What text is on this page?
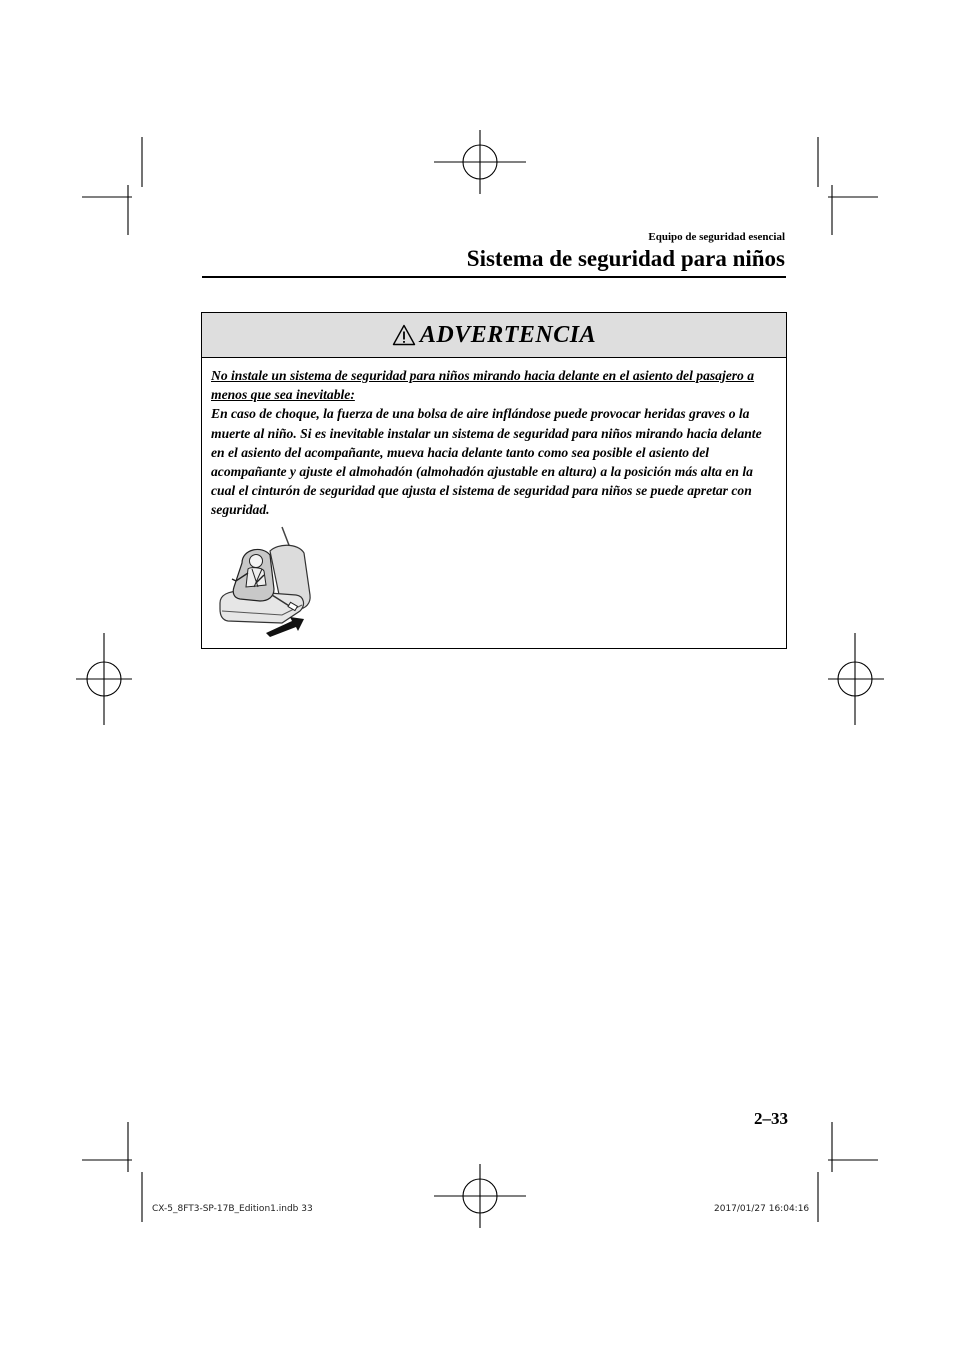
Equipo de seguridad esencial
Sistema de seguridad para niños
ADVERTENCIA
No instale un sistema de seguridad para niños mirando hacia delante en el asiento del pasajero a menos que sea inevitable:
En caso de choque, la fuerza de una bolsa de aire inflándose puede provocar heridas graves o la muerte al niño. Si es inevitable instalar un sistema de seguridad para niños mirando hacia delante en el asiento del acompañante, mueva hacia delante tanto como sea posible el asiento del acompañante y ajuste el almohadón (almohadón ajustable en altura) a la posición más alta en la cual el cinturón de seguridad que ajusta el sistema de seguridad para niños se puede apretar con seguridad.
2–33
CX-5_8FT3-SP-17B_Edition1.indb 33	2017/01/27 16:04:16
